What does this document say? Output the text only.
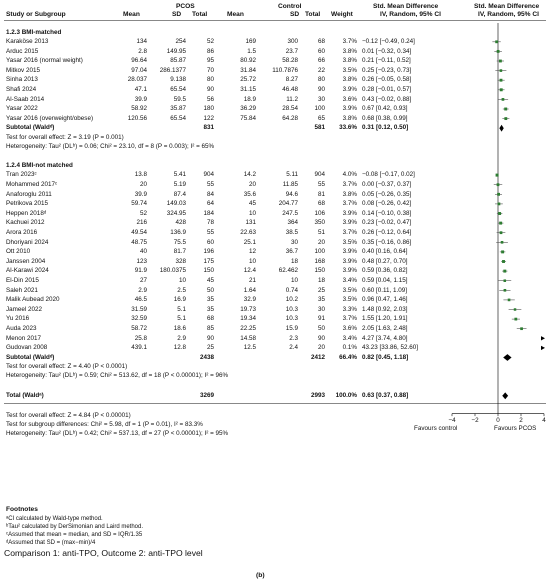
Study or Subgroup
PCOS	Control
Mean	SD Total	Mean	SD Total Weight
Std. Mean Difference
IV, Random, 95% CI
Std. Mean Difference
IV, Random, 95% CI
1.2.3 BMI-matched
Karaköse 2013	134	254	52	169	300	68	3.7% −0.12 [−0.49, 0.24]
Arduc 2015	2.8	149.95	86	1.5	23.7	60	3.8% 0.01 [−0.32, 0.34]
Yasar 2016 (normal weight)	96.64	85.87	95	80.92	58.28	66	3.8% 0.21 [−0.11, 0.52]
Mitkov 2015	97.04	286.1377	70	31.84	110.7876	22	3.5% 0.25 [−0.23, 0.73]
Sinha 2013	28.037	9.138	80	25.72	8.27	80	3.8% 0.26 [−0.05, 0.58]
Shafi 2024	47.1	65.54	90	31.15	46.48	90	3.9% 0.28 [−0.01, 0.57]
Al-Saab 2014	39.9	59.5	56	18.9	11.2	30	3.6% 0.43 [−0.02, 0.88]
Yasar 2022	58.92	35.87	180	36.29	28.54	100	3.9% 0.67 [0.42, 0.93]
Yasar 2016 (overweight/obese)	120.56	65.54	122	75.84	64.28	65	3.8% 0.68 [0.38, 0.99]
Subtotal (Waldᵈ)	831	581	33.6% 0.31 [0.12, 0.50]
Test for overall effect: Z = 3.19 (P = 0.001)
Heterogeneity: Tau² (DLᵇ) = 0.06; Chi² = 23.10, df = 8 (P = 0.003); I² = 65%
1.2.4 BMI-not matched
Tran 2023ᶜ	13.8	5.41	904	14.2	5.11	904	4.0% −0.08 [−0.17, 0.02]
Mohammed 2017ᶜ	20	5.19	55	20	11.85	55	3.7% 0.00 [−0.37, 0.37]
Anaforoglu 2011	39.9	87.4	84	35.6	94.6	81	3.8% 0.05 [−0.26, 0.35]
Petrikova 2015	59.74	149.03	64	45	204.77	68	3.7% 0.08 [−0.26, 0.42]
Heppen 2018ᵈ	52	324.95	184	10	247.5	106	3.9% 0.14 [−0.10, 0.38]
Kachuei 2012	216	428	78	131	364	350	3.9% 0.23 [−0.02, 0.47]
Arora 2016	49.54	136.9	55	22.63	38.5	51	3.7% 0.26 [−0.12, 0.64]
Dhoriyani 2024	48.75	75.5	60	25.1	30	20	3.5% 0.35 [−0.16, 0.86]
Ott 2010	40	81.7	196	12	36.7	100	3.9% 0.40 [0.16, 0.64]
Janssen 2004	123	328	175	10	18	168	3.9% 0.48 [0.27, 0.70]
Al-Karawi 2024	91.9	180.0375	150	12.4	62.462	150	3.9% 0.59 [0.36, 0.82]
El-Din 2015	27	10	45	21	10	18	3.4% 0.59 [0.04, 1.15]
Saleh 2021	2.9	2.5	50	1.64	0.74	25	3.5% 0.60 [0.11, 1.09]
Malik Aubead 2020	46.5	16.9	35	32.9	10.2	35	3.5% 0.96 [0.47, 1.46]
Jameel 2022	31.59	5.1	35	19.73	10.3	30	3.3% 1.48 [0.92, 2.03]
Yu 2016	32.59	5.1	68	19.34	10.3	91	3.7% 1.55 [1.20, 1.91]
Auda 2023	58.72	18.6	85	22.25	15.9	50	3.6% 2.05 [1.63, 2.48]
Menon 2017	25.8	2.9	90	14.58	2.3	90	3.4% 4.27 [3.74, 4.80]
Gudovan 2008	439.1	12.8	25	12.5	2.4	20	0.1% 43.23 [33.86, 52.60]
Subtotal (Waldᵈ)	2438	2412	66.4% 0.82 [0.45, 1.18]
Test for overall effect: Z = 4.40 (P < 0.0001)
Heterogeneity: Tau² (DLᵇ) = 0.59; Chi² = 513.62, df = 18 (P < 0.00001); I² = 96%
Total (Waldᵃ)	3269	2993	100.0% 0.63 [0.37, 0.88]
Test for overall effect: Z = 4.84 (P < 0.00001)
Test for subgroup differences: Chi² = 5.98, df = 1 (P = 0.01), I² = 83.3%
Heterogeneity: Tau² (DLᵇ) = 0.42; Chi² = 537.13, df = 27 (P < 0.00001); I² = 95%
−4	−2	0	2	4
Favours control	Favours PCOS
Footnotes
ᵃCI calculated by Wald-type method.
ᵇTau² calculated by DerSimonian and Laird method.
ᶜAssumed that mean = median, and SD = IQR/1.35
ᵈAssumed that SD = (max−min)/4
Comparison 1: anti-TPO, Outcome 2: anti-TPO level
(b)
